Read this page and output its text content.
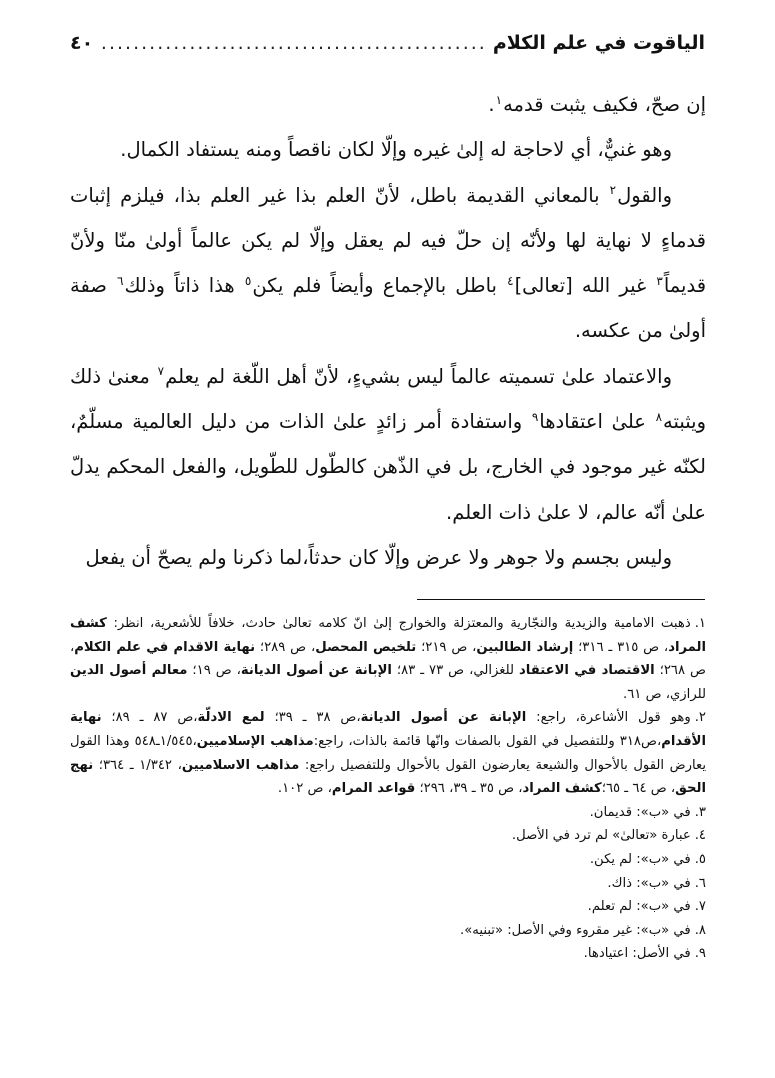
الياقوت في علم الكلام
.....
٤٠

إن صحّ، فكيف يثبت قدمه$^١$.

وهو غنيٌّ، أي لاحاجة له إلىٰ غيره وإلّا لكان ناقصاً ومنه يستفاد الكمال.

والقول$^٢$ بالمعاني القديمة باطل، لأنّ العلم بذا غير العلم بذا، فيلزم إثبات قدماءٍ لا نهاية لها ولأنّه إن حلّ فيه لم يعقل وإلّا لم يكن عالماً أولىٰ منّا ولأنّ قديماً$^٣$ غير الله [تعالى]$^٤$ باطل بالإجماع وأيضاً فلم يكن$^٥$ هذا ذاتاً وذلك$^٦$ صفة أولىٰ من عكسه.

والاعتماد علىٰ تسميته عالماً ليس بشيءٍ، لأنّ أهل اللّغة لم يعلم$^٧$ معنىٰ ذلك ويثبته$^٨$ علىٰ اعتقادها$^٩$ واستفادة أمر زائدٍ علىٰ الذات من دليل العالمية مسلّمٌ، لكنّه غير موجود في الخارج، بل في الذّهن كالطّول للطّويل، والفعل المحكم يدلّ علىٰ أنّه عالم، لا علىٰ ذات العلم.

وليس بجسم ولا جوهر ولا عرض وإلّا كان حدثاً،لما ذكرنا ولم يصحّ أن يفعل

١.ذهبت الامامية والزيدية والنجّارية والمعتزلة والخوارج إلىٰ انّ كلامه تعالىٰ حادث، خلافاً للأشعرية، انظر: كشف المراد، ص ٣١٥ ـ ٣١٦؛ إرشاد الطالبين، ص ٢١٩؛ تلخيص المحصل، ص ٢٨٩؛ نهاية الاقدام في علم الكلام، ص ٢٦٨؛ الاقتصاد في الاعتقاد للغزالي، ص ٧٣ ـ ٨٣؛ الإبانة عن أصول الديانة، ص ١٩؛ معالم أصول الدين للرازي، ص ٦١.

٢.وهو قول الأشاعرة، راجع: الإبانة عن أصول الديانة،ص ٣٨ ـ ٣٩؛ لمع الادلّة،ص ٨٧ ـ ٨٩؛ نهاية الأقدام،ص٣١٨ وللتفصيل في القول بالصفات وانّها قائمة بالذات، راجع:مذاهب الإسلاميين،١/٥٤٥ـ٥٤٨ وهذا القول يعارض القول بالأحوال والشيعة يعارضون القول بالأحوال وللتفصيل راجع: مذاهب الاسلاميين، ١/٣٤٢ ـ ٣٦٤؛ نهج الحق، ص ٦٤ ـ ٦٥؛كشف المراد، ص ٣٥ ـ ٣٩، ٢٩٦؛ قواعد المرام، ص ١٠٢.

٣.في «ب»: قديمان.

٤.عبارة «تعالىٰ» لم ترد في الأصل.

٥.في «ب»: لم يكن.

٦.في «ب»: ذاك.

٧.في «ب»: لم تعلم.

٨.في «ب»: غير مقروء وفي الأصل: «تبنيه».

٩.في الأصل: اعتيادها.
